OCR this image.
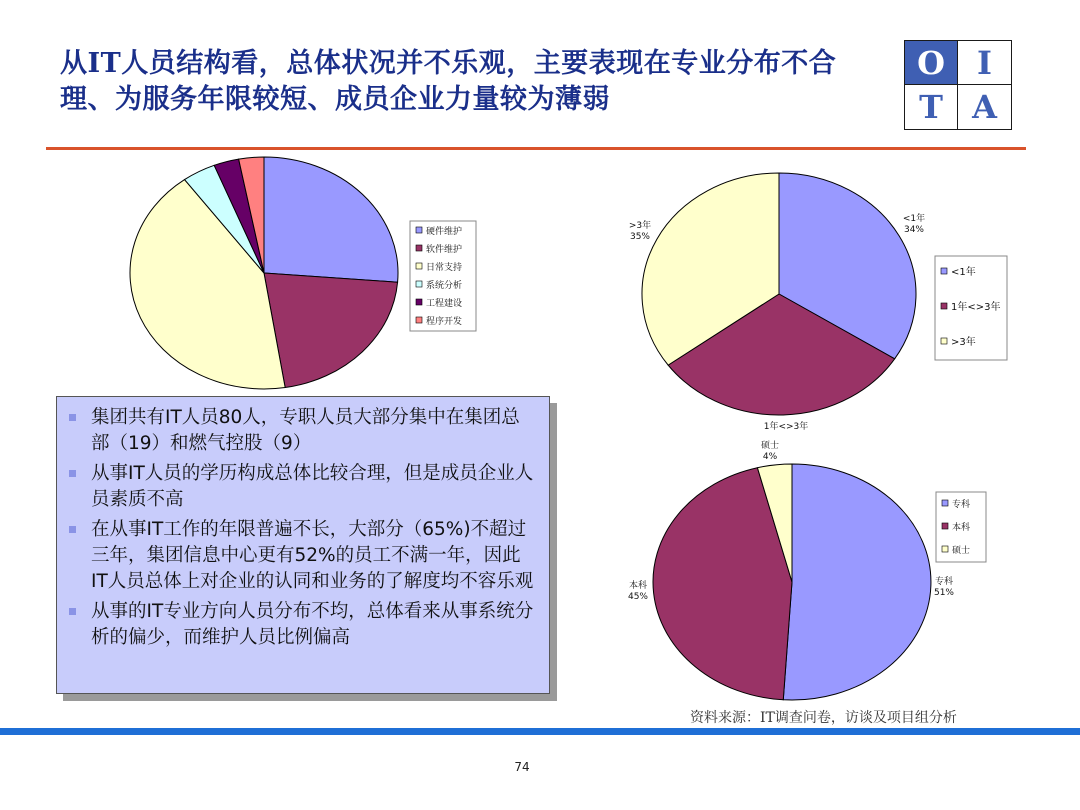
从IT人员结构看，总体状况并不乐观，主要表现在专业分布不合理、为服务年限较短、成员企业力量较为薄弱
O	I
T A
硬件维护
软件维护
日常支持
系统分析
工程建设
程序开发
<1年
1年<>3年
>3年
<1年
34%
1年<>3年
>3年
35%
专科
本科
硕士
专科
51%
本科
45%
硕士
4%
集团共有IT人员80人，专职人员大部分集中在集团总部（19）和燃气控股（9）
从事IT人员的学历构成总体比较合理，但是成员企业人员素质不高
在从事IT工作的年限普遍不长，大部分（65%)不超过三年，集团信息中心更有52%的员工不满一年，因此IT人员总体上对企业的认同和业务的了解度均不容乐观
从事的IT专业方向人员分布不均，总体看来从事系统分析的偏少，而维护人员比例偏高
资料来源：IT调查问卷，访谈及项目组分析
74
